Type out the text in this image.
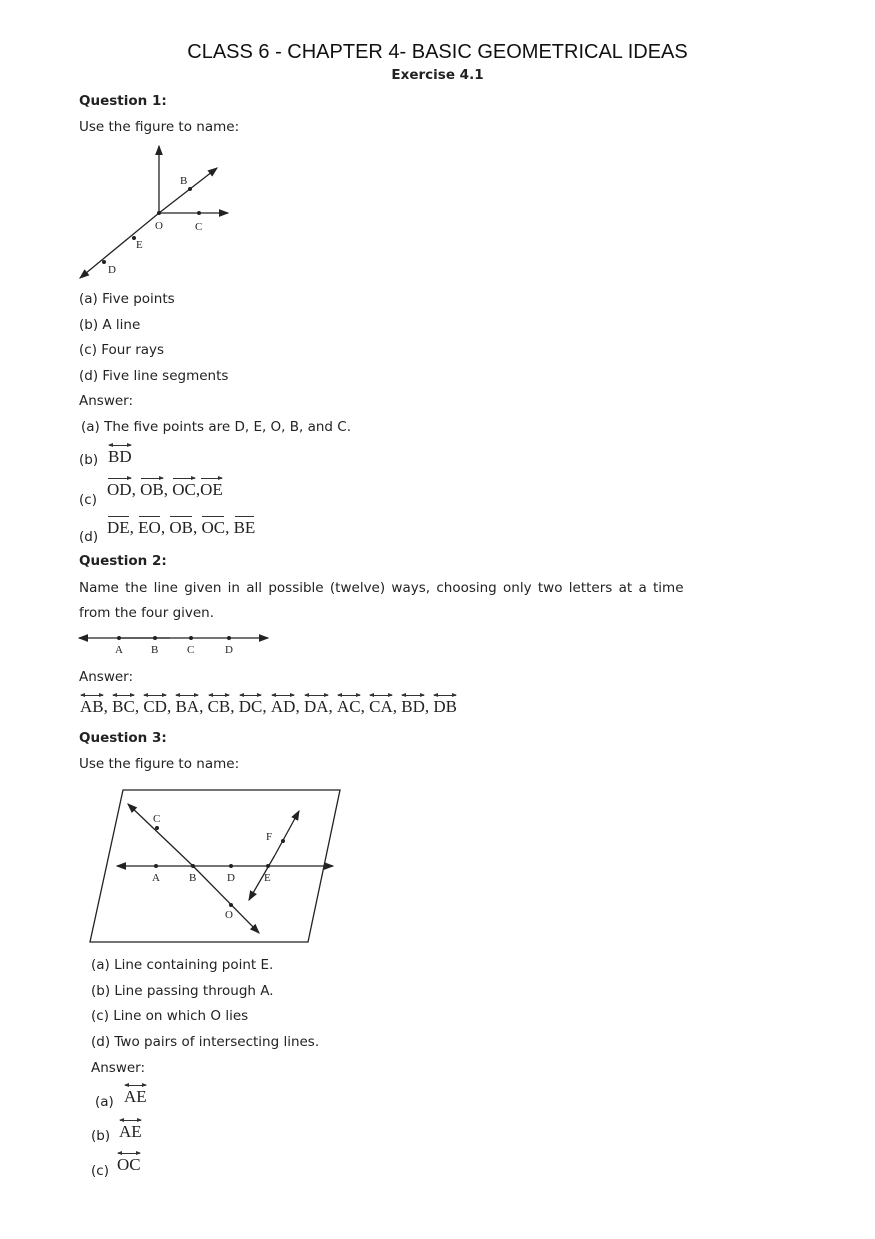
CLASS 6 - CHAPTER 4- BASIC GEOMETRICAL IDEAS
Exercise 4.1
Question 1:
Use the figure to name:
B
O	C
E
D
A	B	C	D
C
F
A	B	D	E
O
(a) Five points
(b) A line
(c) Four rays
(d) Five line segments
Answer:
(a) The five points are D, E, O, B, and C.
(b) BD
(c)
OD, OB, OC,OE
(d) DE, EO, OB, OC, BE
Question 2:
Name the line given in all possible (twelve) ways, choosing only two letters at a time
from the four given.
Answer:
AB,
BC,
CD,
BA,
CB,
DC,
AD,
DA,
AC,
CA,
BD,
DB
Question 3:
Use the figure to name:
(a) Line containing point E.
(b) Line passing through A.
(c) Line on which O lies
(d) Two pairs of intersecting lines.
Answer:
(a) AE
(b) AE
(c) OC
